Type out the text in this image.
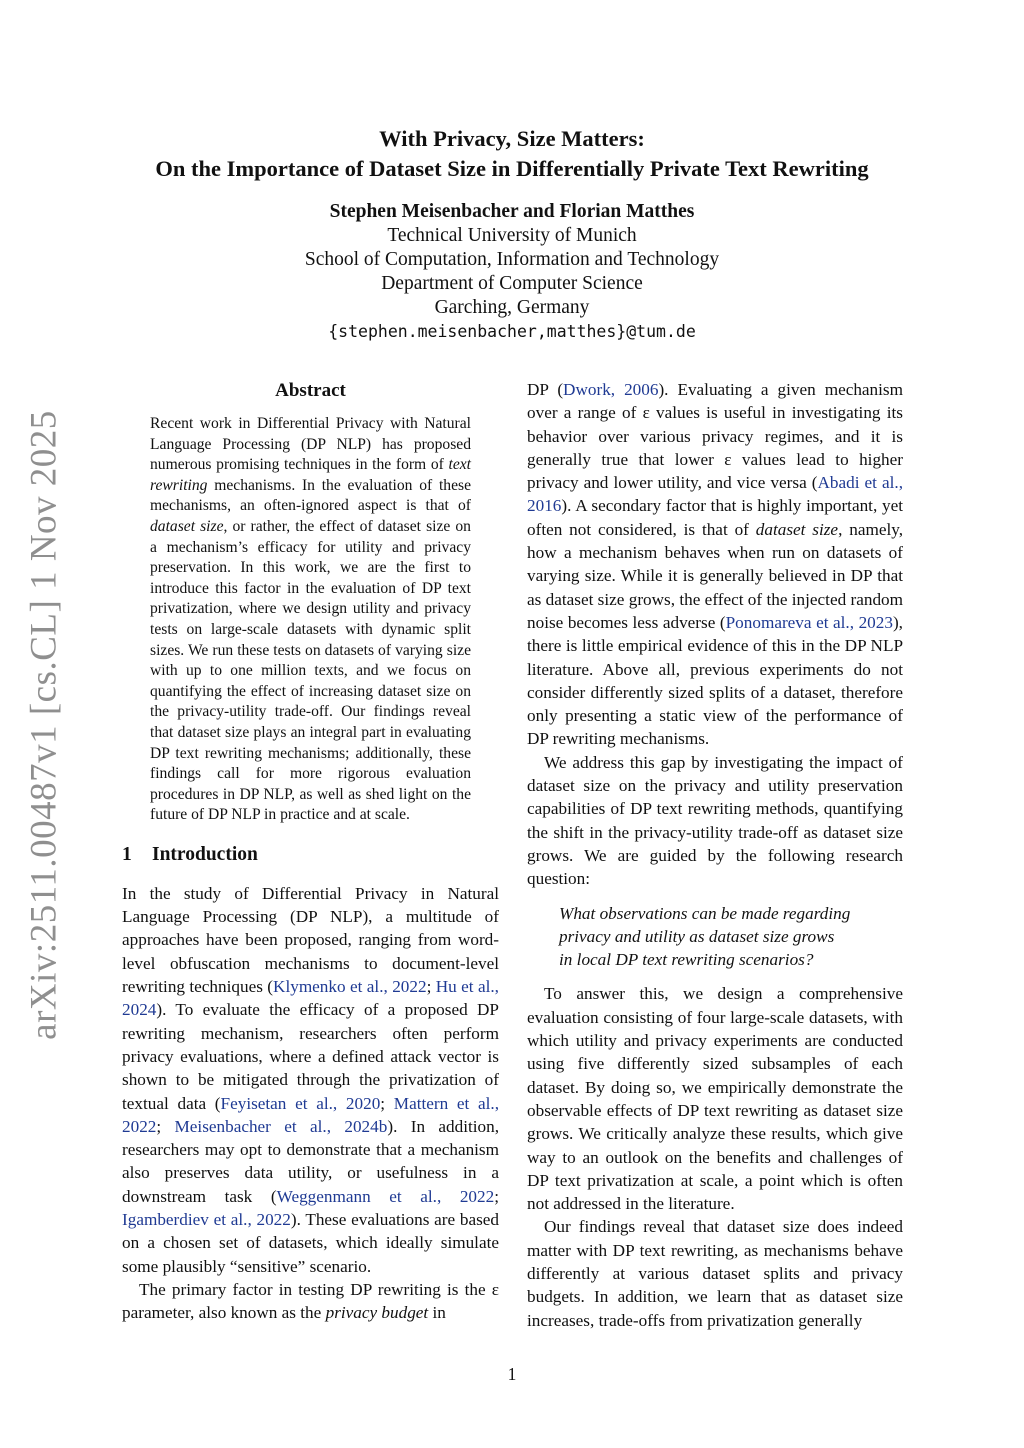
arXiv:2511.00487v1 [cs.CL] 1 Nov 2025
With Privacy, Size Matters:
On the Importance of Dataset Size in Differentially Private Text Rewriting
Stephen Meisenbacher and Florian Matthes
Technical University of Munich
School of Computation, Information and Technology
Department of Computer Science
Garching, Germany
{stephen.meisenbacher,matthes}@tum.de
Abstract
Recent work in Differential Privacy with Natural Language Processing (DP NLP) has proposed numerous promising techniques in the form of text rewriting mechanisms. In the evaluation of these mechanisms, an often-ignored aspect is that of dataset size, or rather, the effect of dataset size on a mechanism’s efficacy for utility and privacy preservation. In this work, we are the first to introduce this factor in the evaluation of DP text privatization, where we design utility and privacy tests on large-scale datasets with dynamic split sizes. We run these tests on datasets of varying size with up to one million texts, and we focus on quantifying the effect of increasing dataset size on the privacy-utility trade-off. Our findings reveal that dataset size plays an integral part in evaluating DP text rewriting mechanisms; additionally, these findings call for more rigorous evaluation procedures in DP NLP, as well as shed light on the future of DP NLP in practice and at scale.
1 Introduction

In the study of Differential Privacy in Natural Language Processing (DP NLP), a multitude of approaches have been proposed, ranging from word-level obfuscation mechanisms to document-level rewriting techniques (Klymenko et al., 2022; Hu et al., 2024). To evaluate the efficacy of a proposed DP rewriting mechanism, researchers often perform privacy evaluations, where a defined attack vector is shown to be mitigated through the privatization of textual data (Feyisetan et al., 2020; Mattern et al., 2022; Meisenbacher et al., 2024b). In addition, researchers may opt to demonstrate that a mechanism also preserves data utility, or usefulness in a downstream task (Weggenmann et al., 2022; Igamberdiev et al., 2022). These evaluations are based on a chosen set of datasets, which ideally simulate some plausibly “sensitive” scenario.

The primary factor in testing DP rewriting is the ε parameter, also known as the privacy budget in

DP (Dwork, 2006). Evaluating a given mechanism over a range of ε values is useful in investigating its behavior over various privacy regimes, and it is generally true that lower ε values lead to higher privacy and lower utility, and vice versa (Abadi et al., 2016). A secondary factor that is highly important, yet often not considered, is that of dataset size, namely, how a mechanism behaves when run on datasets of varying size. While it is generally believed in DP that as dataset size grows, the effect of the injected random noise becomes less adverse (Ponomareva et al., 2023), there is little empirical evidence of this in the DP NLP literature. Above all, previous experiments do not consider differently sized splits of a dataset, therefore only presenting a static view of the performance of DP rewriting mechanisms.

We address this gap by investigating the impact of dataset size on the privacy and utility preservation capabilities of DP text rewriting methods, quantifying the shift in the privacy-utility trade-off as dataset size grows. We are guided by the following research question:

What observations can be made regarding
privacy and utility as dataset size grows
in local DP text rewriting scenarios?

To answer this, we design a comprehensive evaluation consisting of four large-scale datasets, with which utility and privacy experiments are conducted using five differently sized subsamples of each dataset. By doing so, we empirically demonstrate the observable effects of DP text rewriting as dataset size grows. We critically analyze these results, which give way to an outlook on the benefits and challenges of DP text privatization at scale, a point which is often not addressed in the literature.

Our findings reveal that dataset size does indeed matter with DP text rewriting, as mechanisms behave differently at various dataset splits and privacy budgets. In addition, we learn that as dataset size increases, trade-offs from privatization generally

1
